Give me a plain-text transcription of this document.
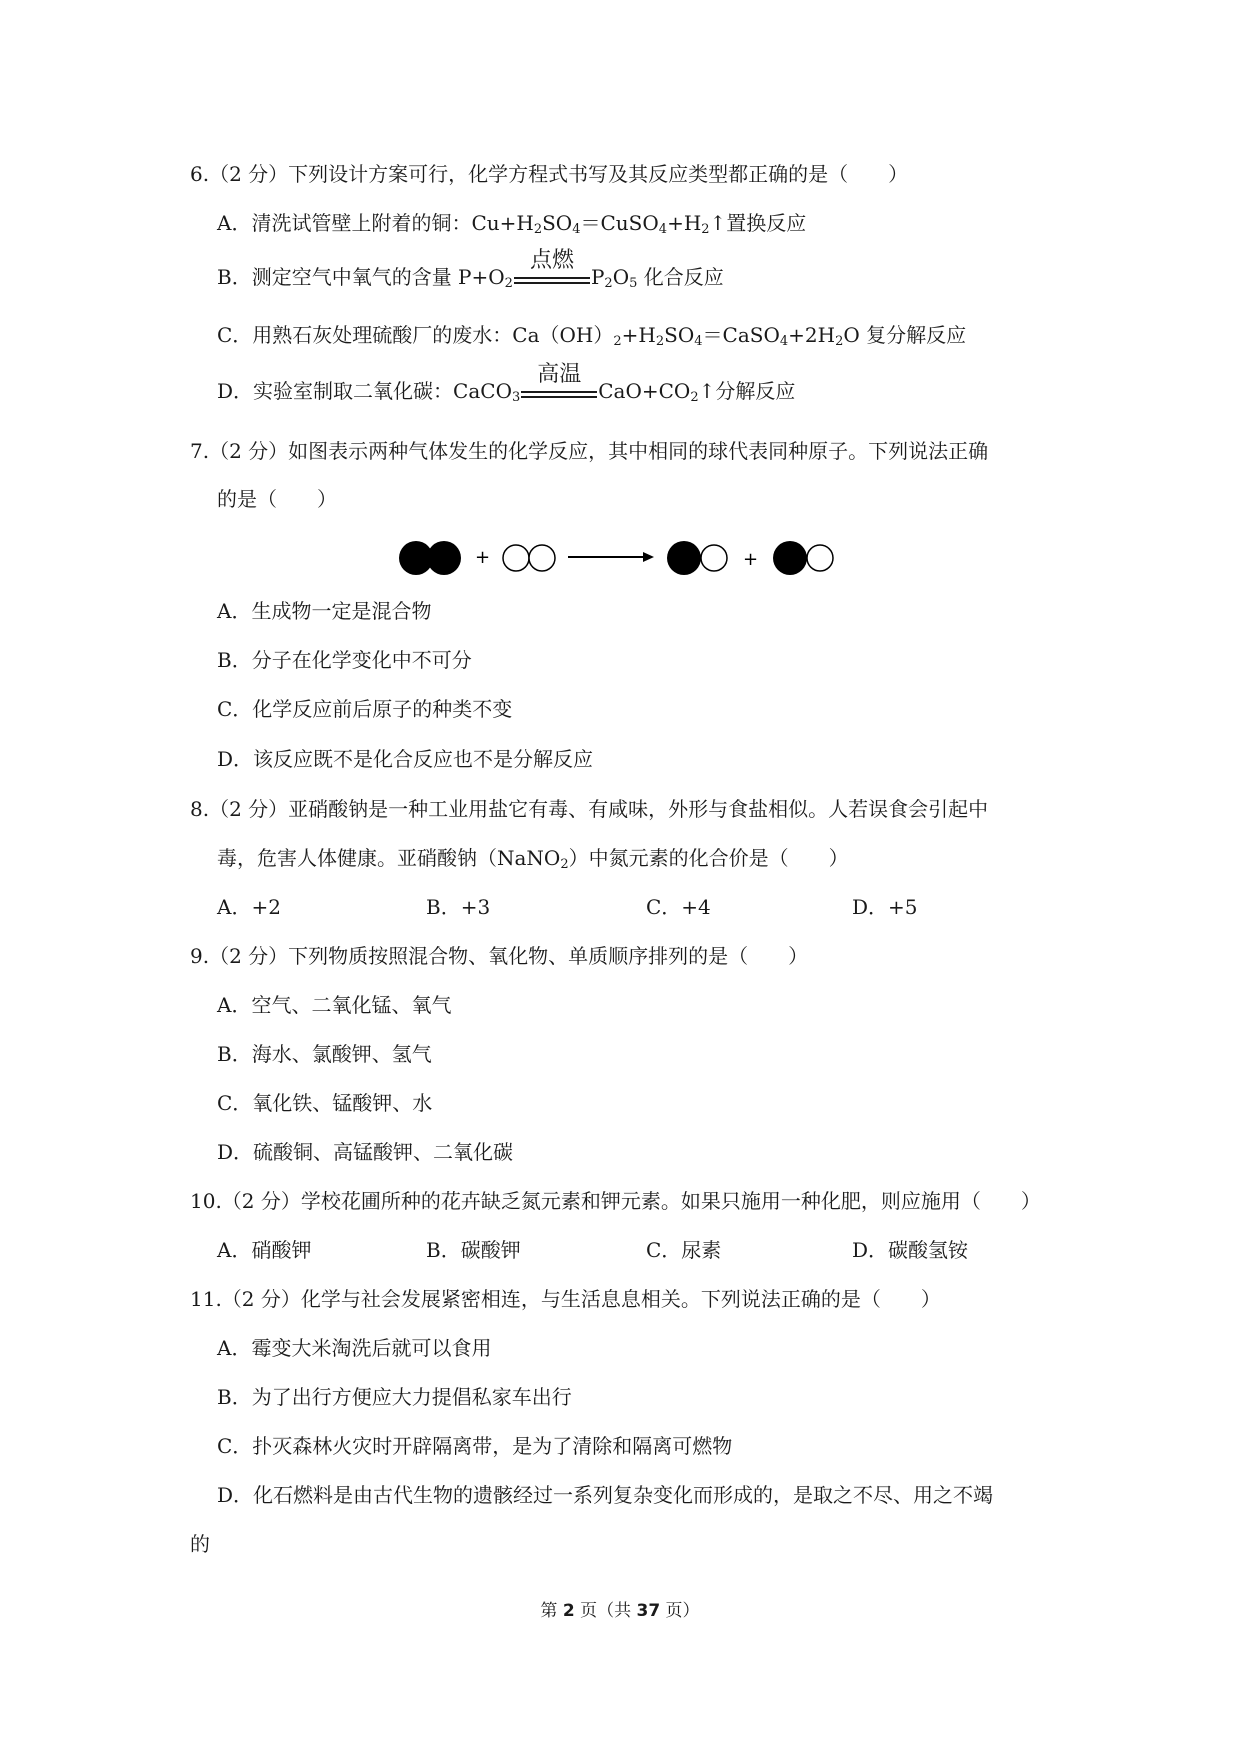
6.（2 分）下列设计方案可行，化学方程式书写及其反应类型都正确的是（　　）
A．清洗试管壁上附着的铜：$Cu+H_2SO_4=CuSO_4+H_2↑$置换反应
B．测定空气中氧气的含量 $P+O_2$
点燃
$P_2O_5$ 化合反应
C．用熟石灰处理硫酸厂的废水：$Ca(OH)_2+H_2SO_4=CaSO_4+2H_2O$ 复分解反应
D．实验室制取二氧化碳：CaCO$_3$
高温
$CaO+CO_2↑$分解反应
7.（2 分）如图表示两种气体发生的化学反应，其中相同的球代表同种原子。下列说法正确
的是（　　）
+	+
A．生成物一定是混合物
B．分子在化学变化中不可分
C．化学反应前后原子的种类不变
D．该反应既不是化合反应也不是分解反应
8.（2 分）亚硝酸钠是一种工业用盐它有毒、有咸味，外形与食盐相似。人若误食会引起中
毒，危害人体健康。亚硝酸钠（NaNO$_2$）中氮元素的化合价是（　　）
A．+2	B．+3	C．+4	D．+5
9.（2 分）下列物质按照混合物、氧化物、单质顺序排列的是（　　）
A．空气、二氧化锰、氧气
B．海水、氯酸钾、氢气
C．氧化铁、锰酸钾、水
D．硫酸铜、高锰酸钾、二氧化碳
10.（2 分）学校花圃所种的花卉缺乏氮元素和钾元素。如果只施用一种化肥，则应施用（　　）
A．硝酸钾	B．碳酸钾	C．尿素	D．碳酸氢铵
11.（2 分）化学与社会发展紧密相连，与生活息息相关。下列说法正确的是（　　）
A．霉变大米淘洗后就可以食用
B．为了出行方便应大力提倡私家车出行
C．扑灭森林火灾时开辟隔离带，是为了清除和隔离可燃物
D．化石燃料是由古代生物的遗骸经过一系列复杂变化而形成的，是取之不尽、用之不竭
的
第 2 页（共 37 页）
